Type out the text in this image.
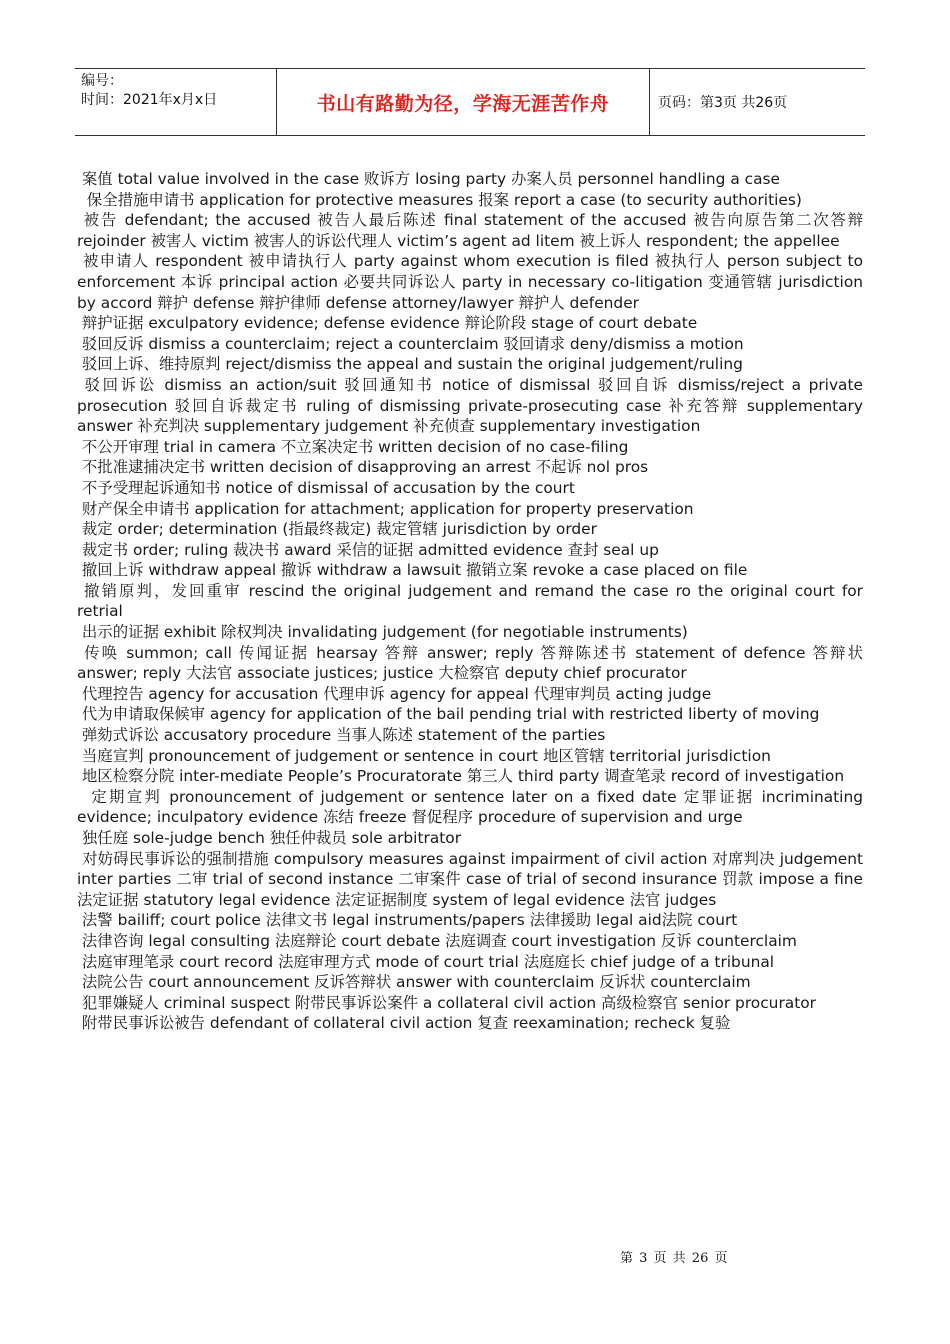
编号：
时间：2021年x月x日	书山有路勤为径，学海无涯苦作舟	页码：第3页 共26页

案值 total value involved in the case 败诉方 losing party 办案人员 personnel handling a case

保全措施申请书 application for protective measures 报案 report a case (to security authorities)

被告 defendant; the accused 被告人最后陈述 final statement of the accused 被告向原告第二次答辩 rejoinder 被害人 victim 被害人的诉讼代理人 victim’s agent ad litem 被上诉人 respondent; the appellee

被申请人 respondent 被申请执行人 party against whom execution is filed 被执行人 person subject to enforcement 本诉 principal action 必要共同诉讼人 party in necessary co-litigation 变通管辖 jurisdiction by accord 辩护 defense 辩护律师 defense attorney/lawyer 辩护人 defender

辩护证据 exculpatory evidence; defense evidence 辩论阶段 stage of court debate

驳回反诉 dismiss a counterclaim; reject a counterclaim 驳回请求 deny/dismiss a motion

驳回上诉、维持原判 reject/dismiss the appeal and sustain the original judgement/ruling

驳回诉讼 dismiss an action/suit 驳回通知书 notice of dismissal 驳回自诉 dismiss/reject a private prosecution 驳回自诉裁定书 ruling of dismissing private-prosecuting case 补充答辩 supplementary answer 补充判决 supplementary judgement 补充侦查 supplementary investigation

不公开审理 trial in camera 不立案决定书 written decision of no case-filing

不批准逮捕决定书 written decision of disapproving an arrest 不起诉 nol pros

不予受理起诉通知书 notice of dismissal of accusation by the court

财产保全申请书 application for attachment; application for property preservation

裁定 order; determination (指最终裁定) 裁定管辖 jurisdiction by order

裁定书 order; ruling 裁决书 award 采信的证据 admitted evidence 查封 seal up

撤回上诉 withdraw appeal 撤诉 withdraw a lawsuit 撤销立案 revoke a case placed on file

撤销原判，发回重审 rescind the original judgement and remand the case ro the original court for retrial

出示的证据 exhibit 除权判决 invalidating judgement (for negotiable instruments)

传唤 summon; call 传闻证据 hearsay 答辩 answer; reply 答辩陈述书 statement of defence 答辩状 answer; reply 大法官 associate justices; justice 大检察官 deputy chief procurator

代理控告 agency for accusation 代理申诉 agency for appeal 代理审判员 acting judge

代为申请取保候审 agency for application of the bail pending trial with restricted liberty of moving

弹劾式诉讼 accusatory procedure 当事人陈述 statement of the parties

当庭宣判 pronouncement of judgement or sentence in court 地区管辖 territorial jurisdiction

地区检察分院 inter-mediate People’s Procuratorate 第三人 third party 调查笔录 record of investigation

定期宣判 pronouncement of judgement or sentence later on a fixed date 定罪证据 incriminating evidence; inculpatory evidence 冻结 freeze 督促程序 procedure of supervision and urge

独任庭 sole-judge bench 独任仲裁员 sole arbitrator

对妨碍民事诉讼的强制措施 compulsory measures against impairment of civil action 对席判决 judgement inter parties 二审 trial of second instance 二审案件 case of trial of second insurance 罚款 impose a fine 法定证据 statutory legal evidence 法定证据制度 system of legal evidence 法官 judges

法警 bailiff; court police 法律文书 legal instruments/papers 法律援助 legal aid法院 court

法律咨询 legal consulting 法庭辩论 court debate 法庭调查 court investigation 反诉 counterclaim

法庭审理笔录 court record 法庭审理方式 mode of court trial 法庭庭长 chief judge of a tribunal

法院公告 court announcement 反诉答辩状 answer with counterclaim 反诉状 counterclaim

犯罪嫌疑人 criminal suspect 附带民事诉讼案件 a collateral civil action 高级检察官 senior procurator

附带民事诉讼被告 defendant of collateral civil action 复查 reexamination; recheck 复验

第 3 页 共 26 页
